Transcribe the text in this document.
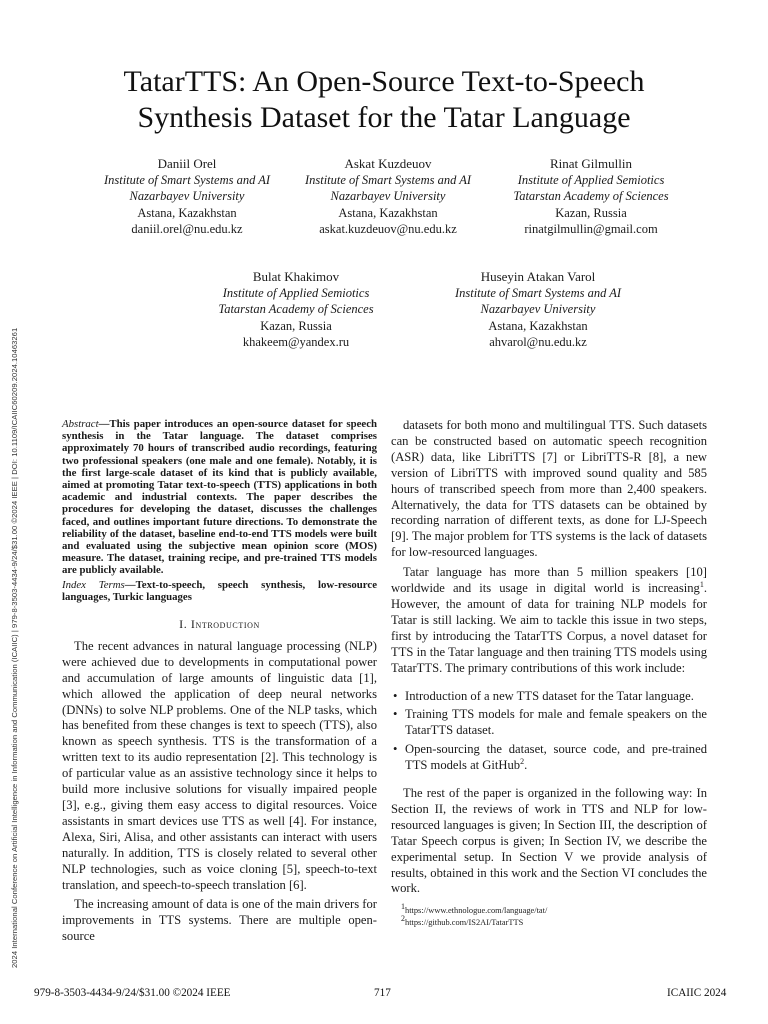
2024 International Conference on Artificial Intelligence in Information and Communication (ICAIIC) | 979-8-3503-4434-9/24/$31.00 ©2024 IEEE | DOI: 10.1109/ICAIIC60209.2024.10463261
TatarTTS: An Open-Source Text-to-Speech
Synthesis Dataset for the Tatar Language
Daniil Orel
Institute of Smart Systems and AI
Nazarbayev University
Astana, Kazakhstan
daniil.orel@nu.edu.kz
Askat Kuzdeuov
Institute of Smart Systems and AI
Nazarbayev University
Astana, Kazakhstan
askat.kuzdeuov@nu.edu.kz
Rinat Gilmullin
Institute of Applied Semiotics
Tatarstan Academy of Sciences
Kazan, Russia
rinatgilmullin@gmail.com
Bulat Khakimov
Institute of Applied Semiotics
Tatarstan Academy of Sciences
Kazan, Russia
khakeem@yandex.ru
Huseyin Atakan Varol
Institute of Smart Systems and AI
Nazarbayev University
Astana, Kazakhstan
ahvarol@nu.edu.kz
Abstract—This paper introduces an open-source dataset for speech synthesis in the Tatar language. The dataset comprises approximately 70 hours of transcribed audio recordings, featuring two professional speakers (one male and one female). Notably, it is the first large-scale dataset of its kind that is publicly available, aimed at promoting Tatar text-to-speech (TTS) applications in both academic and industrial contexts. The paper describes the procedures for developing the dataset, discusses the challenges faced, and outlines important future directions. To demonstrate the reliability of the dataset, baseline end-to-end TTS models were built and evaluated using the subjective mean opinion score (MOS) measure. The dataset, training recipe, and pre-trained TTS models are publicly available.
Index Terms—Text-to-speech, speech synthesis, low-resource languages, Turkic languages
I. Introduction

The recent advances in natural language processing (NLP) were achieved due to developments in computational power and accumulation of large amounts of linguistic data [1], which allowed the application of deep neural networks (DNNs) to solve NLP problems. One of the NLP tasks, which has benefited from these changes is text to speech (TTS), also known as speech synthesis. TTS is the transformation of a written text to its audio representation [2]. This technology is of particular value as an assistive technology since it helps to build more inclusive solutions for visually impaired people [3], e.g., giving them easy access to digital resources. Voice assistants in smart devices use TTS as well [4]. For instance, Alexa, Siri, Alisa, and other assistants can interact with users naturally. In addition, TTS is closely related to several other NLP technologies, such as voice cloning [5], speech-to-text translation, and speech-to-speech translation [6].

The increasing amount of data is one of the main drivers for improvements in TTS systems. There are multiple open-source

datasets for both mono and multilingual TTS. Such datasets can be constructed based on automatic speech recognition (ASR) data, like LibriTTS [7] or LibriTTS-R [8], a new version of LibriTTS with improved sound quality and 585 hours of transcribed speech from more than 2,400 speakers. Alternatively, the data for TTS datasets can be obtained by recording narration of different texts, as done for LJ-Speech [9]. The major problem for TTS systems is the lack of datasets for low-resourced languages.

Tatar language has more than 5 million speakers [10] worldwide and its usage in digital world is increasing$^1$. However, the amount of data for training NLP models for Tatar is still lacking. We aim to tackle this issue in two steps, first by introducing the TatarTTS Corpus, a novel dataset for TTS in the Tatar language and then training TTS models using TatarTTS. The primary contributions of this work include:

• Introduction of a new TTS dataset for the Tatar language.
• Training TTS models for male and female speakers on the TatarTTS dataset.
• Open-sourcing the dataset, source code, and pre-trained TTS models at GitHub$^2$.

The rest of the paper is organized in the following way: In Section II, the reviews of work in TTS and NLP for low-resourced languages is given; In Section III, the description of Tatar Speech corpus is given; In Section IV, we describe the experimental setup. In Section V we provide analysis of results, obtained in this work and the Section VI concludes the work.

$^1$https://www.ethnologue.com/language/tat/
$^2$https://github.com/IS2AI/TatarTTS
979-8-3503-4434-9/24/$31.00 ©2024 IEEE	717	ICAIIC 2024
